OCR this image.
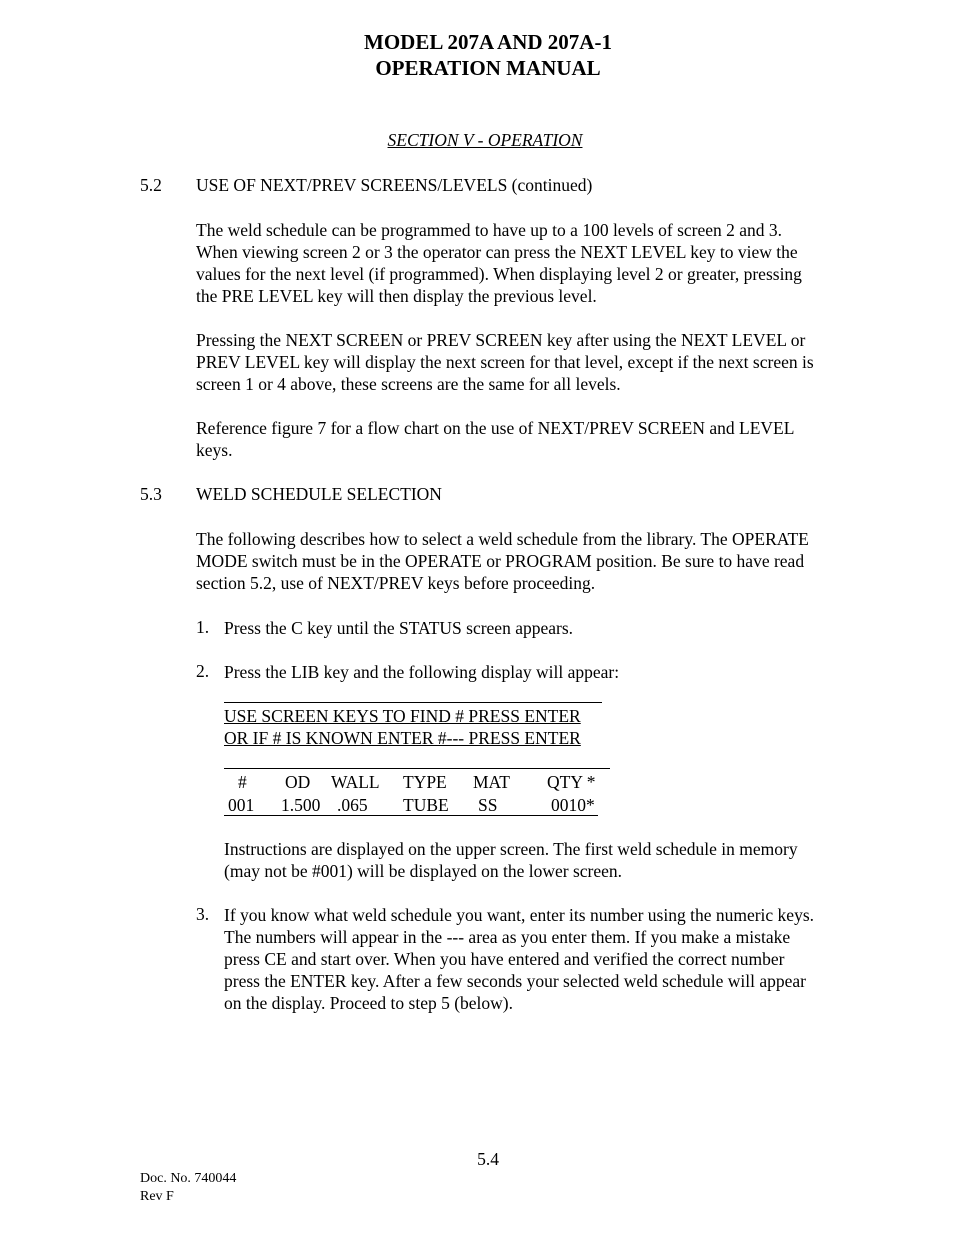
MODEL 207A AND 207A-1
OPERATION MANUAL
SECTION V - OPERATION
5.2 USE OF NEXT/PREV SCREENS/LEVELS (continued)

The weld schedule can be programmed to have up to a 100 levels of screen 2 and 3. When viewing screen 2 or 3 the operator can press the NEXT LEVEL key to view the values for the next level (if programmed). When displaying level 2 or greater, pressing the PRE LEVEL key will then display the previous level.

Pressing the NEXT SCREEN or PREV SCREEN key after using the NEXT LEVEL or PREV LEVEL key will display the next screen for that level, except if the next screen is screen 1 or 4 above, these screens are the same for all levels.

Reference figure 7 for a flow chart on the use of NEXT/PREV SCREEN and LEVEL keys.

5.3 WELD SCHEDULE SELECTION

The following describes how to select a weld schedule from the library. The OPERATE MODE switch must be in the OPERATE or PROGRAM position. Be sure to have read section 5.2, use of NEXT/PREV keys before proceeding.

1. Press the C key until the STATUS screen appears.
2. Press the LIB key and the following display will appear:
USE SCREEN KEYS TO FIND # PRESS ENTER
OR IF # IS KNOWN ENTER #--- PRESS ENTER
# OD WALL TYPE MAT QTY *
001 1.500 .065 TUBE SS	0010*

Instructions are displayed on the upper screen. The first weld schedule in memory (may not be #001) will be displayed on the lower screen.

3. If you know what weld schedule you want, enter its number using the numeric keys. The numbers will appear in the --- area as you enter them. If you make a mistake press CE and start over. When you have entered and verified the correct number press the ENTER key. After a few seconds your selected weld schedule will appear on the display. Proceed to step 5 (below).
5.4
Doc. No. 740044
Rev F
